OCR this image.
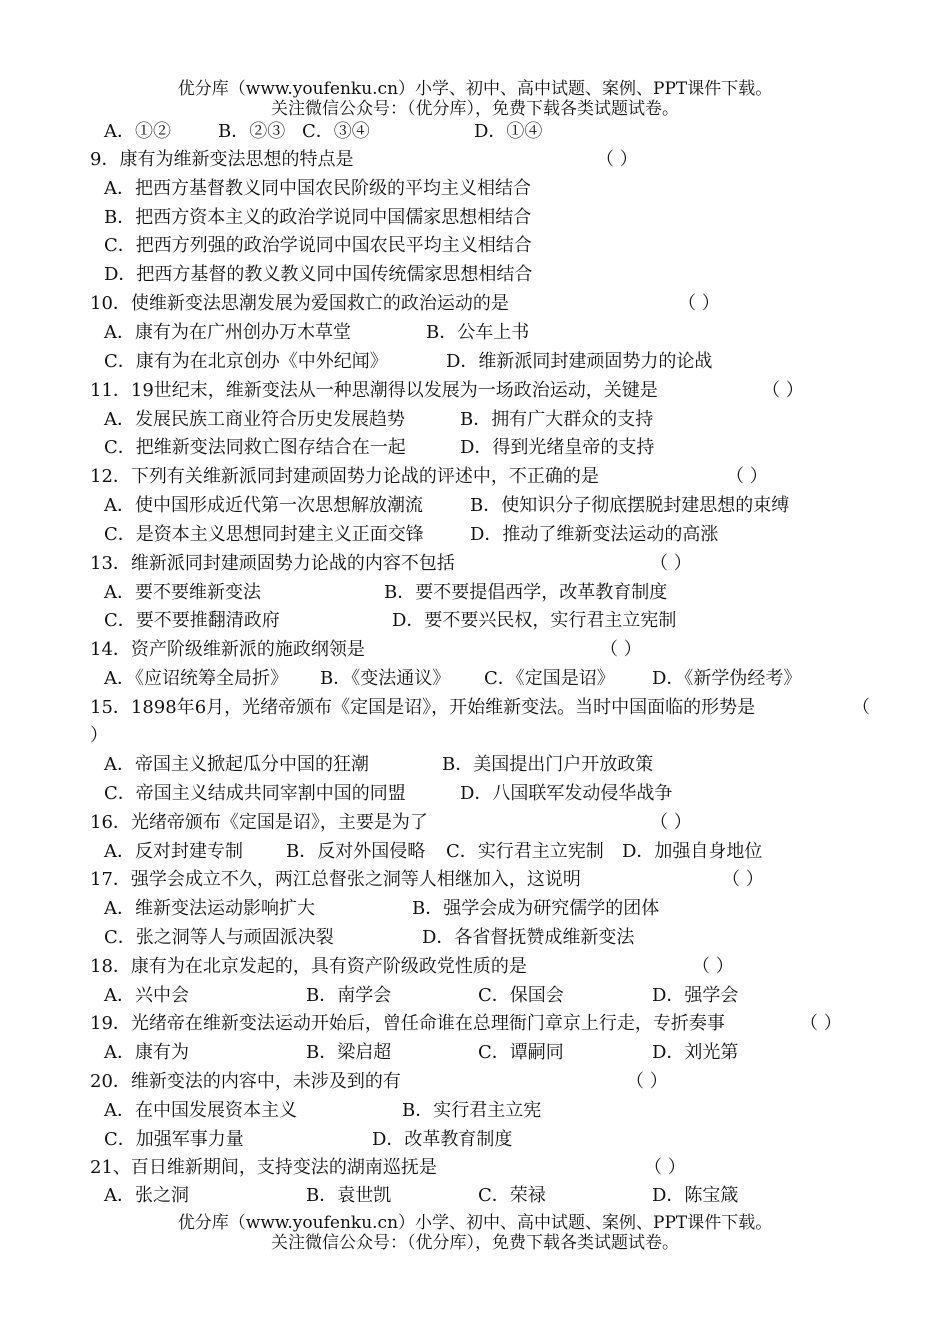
优分库（www.youfenku.cn）小学、初中、高中试题、案例、PPT课件下载。
关注微信公众号：（优分库），免费下载各类试题试卷。
A．①②	B．②③ C．③④	D．①④
9．康有为维新变法思想的特点是	（ ）
A．把西方基督教义同中国农民阶级的平均主义相结合
B．把西方资本主义的政治学说同中国儒家思想相结合
C．把西方列强的政治学说同中国农民平均主义相结合
D．把西方基督的教义教义同中国传统儒家思想相结合
10．使维新变法思潮发展为爱国救亡的政治运动的是	（ ）
A．康有为在广州创办万木草堂	B．公车上书
C．康有为在北京创办《中外纪闻》	D．维新派同封建顽固势力的论战
11．19世纪末，维新变法从一种思潮得以发展为一场政治运动，关键是	（ ）
A．发展民族工商业符合历史发展趋势	B．拥有广大群众的支持
C．把维新变法同救亡图存结合在一起	D．得到光绪皇帝的支持
12．下列有关维新派同封建顽固势力论战的评述中，不正确的是	（ ）
A．使中国形成近代第一次思想解放潮流	B．使知识分子彻底摆脱封建思想的束缚
C．是资本主义思想同封建主义正面交锋	D．推动了维新变法运动的高涨
13．维新派同封建顽固势力论战的内容不包括	（ ）
A．要不要维新变法	B．要不要提倡西学，改革教育制度
C．要不要推翻清政府	D．要不要兴民权，实行君主立宪制
14．资产阶级维新派的施政纲领是	（ ）
A．《应诏统筹全局折》 B．《变法通议》 C．《定国是诏》 D．《新学伪经考》
15．1898年6月，光绪帝颁布《定国是诏》，开始维新变法。当时中国面临的形势是	（
）
A．帝国主义掀起瓜分中国的狂潮	B．美国提出门户开放政策
C．帝国主义结成共同宰割中国的同盟	D．八国联军发动侵华战争
16．光绪帝颁布《定国是诏》，主要是为了	（ ）
A．反对封建专制 B．反对外国侵略 C．实行君主立宪制 D．加强自身地位
17．强学会成立不久，两江总督张之洞等人相继加入，这说明	（ ）
A．维新变法运动影响扩大	B．强学会成为研究儒学的团体
C．张之洞等人与顽固派决裂	D．各省督抚赞成维新变法
18．康有为在北京发起的，具有资产阶级政党性质的是	（ ）
A．兴中会	B．南学会	C．保国会	D．强学会
19．光绪帝在维新变法运动开始后，曾任命谁在总理衙门章京上行走，专折奏事	（ ）
A．康有为	B．梁启超	C．谭嗣同	D．刘光第
20．维新变法的内容中，未涉及到的有	（ ）
A．在中国发展资本主义	B．实行君主立宪
C．加强军事力量	D．改革教育制度
21、百日维新期间，支持变法的湖南巡抚是	（ ）
A．张之洞	B．袁世凯	C．荣禄	D．陈宝箴
优分库（www.youfenku.cn）小学、初中、高中试题、案例、PPT课件下载。
关注微信公众号：（优分库），免费下载各类试题试卷。
